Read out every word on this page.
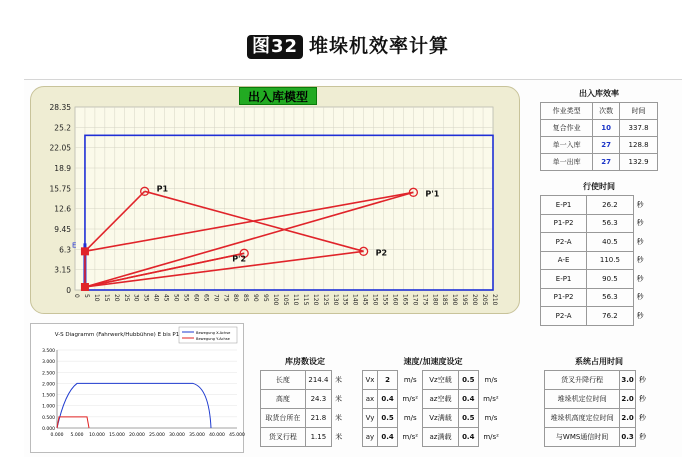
图32 堆垛机效率计算
0 5 10 15 20 25 30 35 40 45 50 55 60 65 70 75 80 85 90 95 100 105 110 115 120 125 130 135 140 145 150 155 160 165 170 175 180 185 190 195 200 205 210
28.35
25.2
22.05
18.9
15.75
12.6
9.45
6.3
3.15
0
P1
P2
P'1
P'2
E
出入库模型	出入库效率
作业类型	次数	时间
复合作业	10	337.8
单一入库	27	128.8
单一出库	27	132.9
行使时间
E-P1	26.2	秒
P1-P2	56.3	秒
P2-A	40.5	秒
A-E	110.5	秒
E-P1	90.5	秒
P1-P2	56.3	秒
P2-A	76.2	秒
V-S Diagramm (Fahrwerk/Hubbühne) E bis P1	Bewegung X-Achse
Bewegung Y-Achse
3.500
3.000
2.500
2.000
1.500
1.000
0.500
0.000
0.000 5.000 10.000 15.000 20.000 25.000 30.000 35.000 40.000 45.000
库房数设定
长度	214.4	米
高度	24.3	米
取货台所在	21.8	米
货叉行程	1.15	米
速度/加速度设定
Vx	2	m/s	Vz空载	0.5	m/s
ax	0.4	m/s²	az空载	0.4	m/s²
Vy	0.5	m/s	Vz满载	0.5	m/s
ay	0.4	m/s²	az满载	0.4	m/s²
系统占用时间
货叉升降行程	3.0	秒
堆垛机定位时间	2.0	秒
堆垛机高度定位时间	2.0	秒
与WMS通信时间	0.3	秒
